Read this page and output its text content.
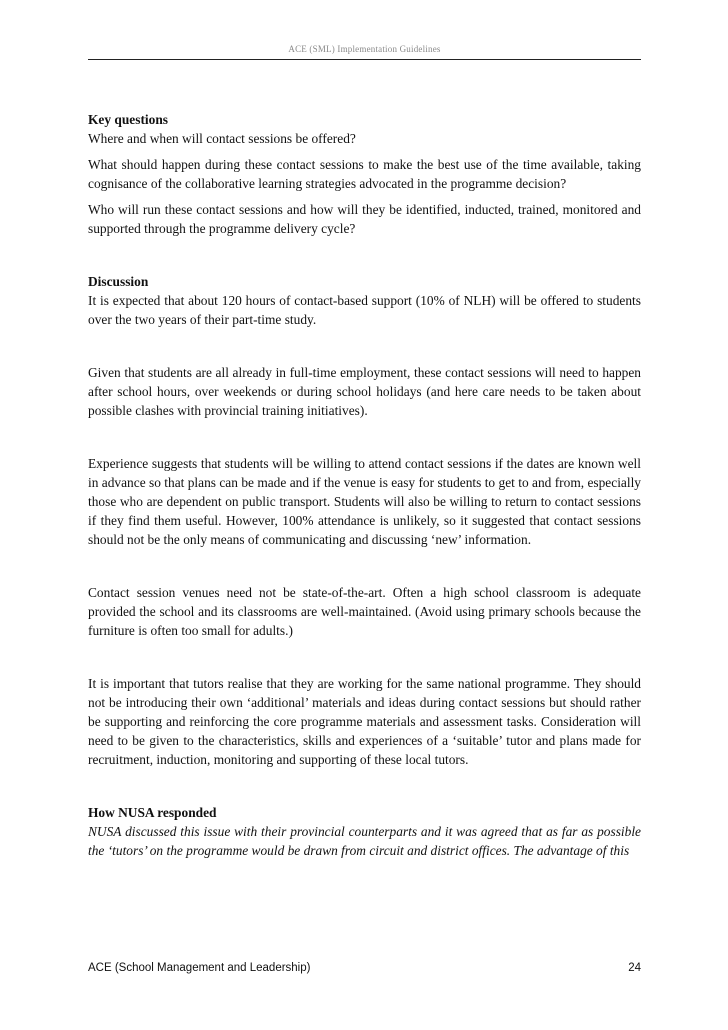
ACE (SML) Implementation Guidelines
Key questions

Where and when will contact sessions be offered?

What should happen during these contact sessions to make the best use of the time available, taking cognisance of the collaborative learning strategies advocated in the programme decision?

Who will run these contact sessions and how will they be identified, inducted, trained, monitored and supported through the programme delivery cycle?

Discussion

It is expected that about 120 hours of contact-based support (10% of NLH) will be offered to students over the two years of their part-time study.

Given that students are all already in full-time employment, these contact sessions will need to happen after school hours, over weekends or during school holidays (and here care needs to be taken about possible clashes with provincial training initiatives).

Experience suggests that students will be willing to attend contact sessions if the dates are known well in advance so that plans can be made and if the venue is easy for students to get to and from, especially those who are dependent on public transport. Students will also be willing to return to contact sessions if they find them useful. However, 100% attendance is unlikely, so it suggested that contact sessions should not be the only means of communicating and discussing ‘new’ information.

Contact session venues need not be state-of-the-art. Often a high school classroom is adequate provided the school and its classrooms are well-maintained. (Avoid using primary schools because the furniture is often too small for adults.)

It is important that tutors realise that they are working for the same national programme. They should not be introducing their own ‘additional’ materials and ideas during contact sessions but should rather be supporting and reinforcing the core programme materials and assessment tasks. Consideration will need to be given to the characteristics, skills and experiences of a ‘suitable’ tutor and plans made for recruitment, induction, monitoring and supporting of these local tutors.

How NUSA responded

NUSA discussed this issue with their provincial counterparts and it was agreed that as far as possible the ‘tutors’ on the programme would be drawn from circuit and district offices. The advantage of this

ACE (School Management and Leadership)	24
